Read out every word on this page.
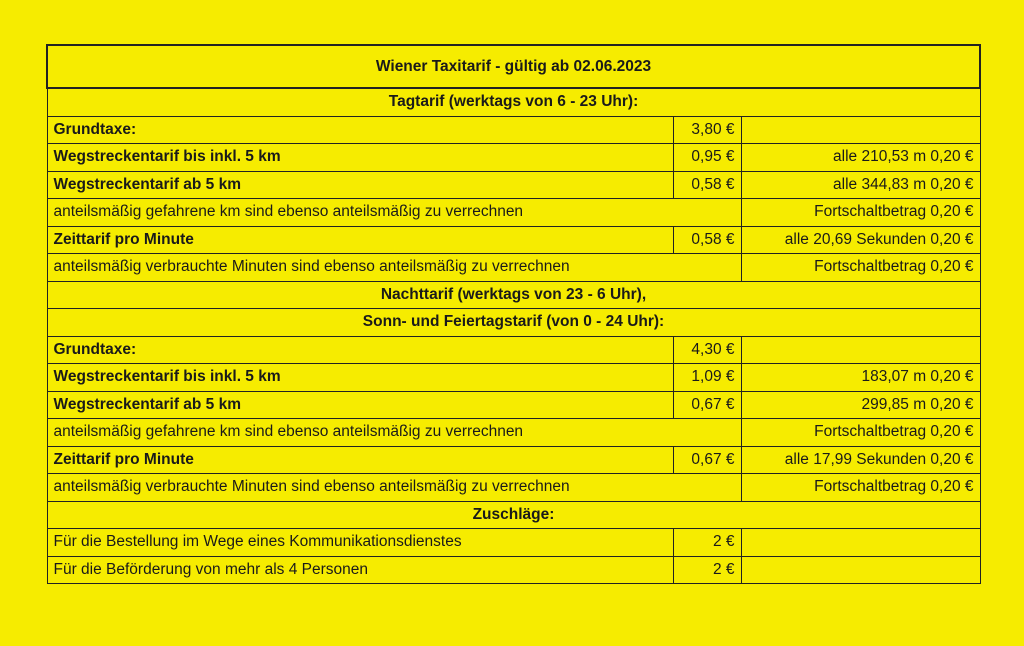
Wiener Taxitarif - gültig ab 02.06.2023		
Tagtarif (werktags von 6 - 23 Uhr):		
Grundtaxe:	3,80 €	
Wegstreckentarif bis inkl. 5 km	0,95 €	alle 210,53 m 0,20 €
Wegstreckentarif ab 5 km	0,58 €	alle 344,83 m 0,20 €
anteilsmäßig gefahrene km sind ebenso anteilsmäßig zu verrechnen		Fortschaltbetrag 0,20 €
Zeittarif pro Minute	0,58 €	alle 20,69 Sekunden 0,20 €
anteilsmäßig verbrauchte Minuten sind ebenso anteilsmäßig zu verrechnen		Fortschaltbetrag 0,20 €
Nachttarif (werktags von 23 - 6 Uhr),		
Sonn- und Feiertagstarif (von 0 - 24 Uhr):		
Grundtaxe:	4,30 €	
Wegstreckentarif bis inkl. 5 km	1,09 €	183,07 m 0,20 €
Wegstreckentarif ab 5 km	0,67 €	299,85 m 0,20 €
anteilsmäßig gefahrene km sind ebenso anteilsmäßig zu verrechnen		Fortschaltbetrag 0,20 €
Zeittarif pro Minute	0,67 €	alle 17,99 Sekunden 0,20 €
anteilsmäßig verbrauchte Minuten sind ebenso anteilsmäßig zu verrechnen		Fortschaltbetrag 0,20 €
Zuschläge:		
Für die Bestellung im Wege eines Kommunikationsdienstes	2 €	
Für die Beförderung von mehr als 4 Personen	2 €	
